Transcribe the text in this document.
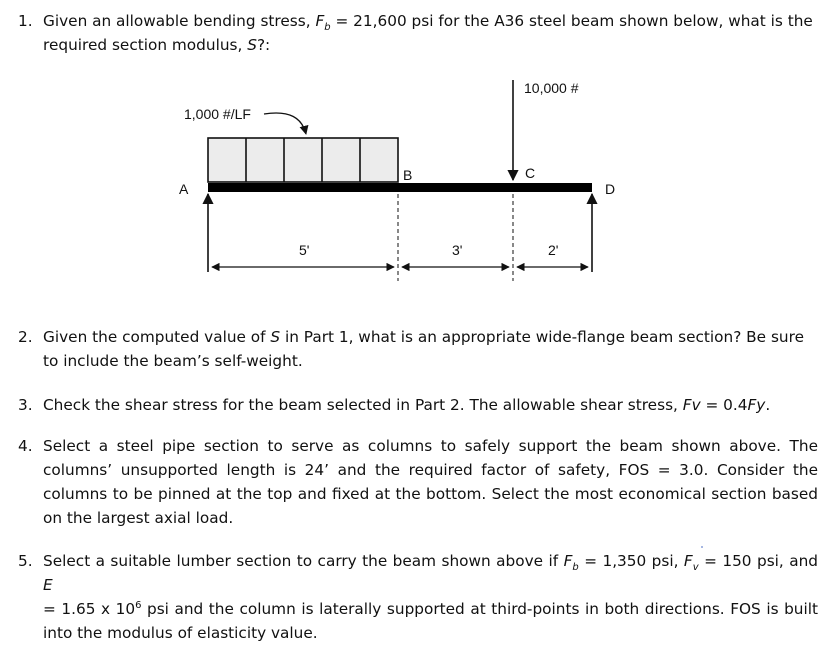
1. Given an allowable bending stress, $F_b = 21,600$ psi for the A36 steel beam shown below, what is the
required section modulus, S?:
1,000 #/LF
10,000 #
A
B	C
D
5'	3'	2'
2. Given the computed value of S in Part 1, what is an appropriate wide-flange beam section? Be sure
to include the beam’s self-weight.
3. Check the shear stress for the beam selected in Part 2. The allowable shear stress, Fv = 0.4Fy.
4. Select a steel pipe section to serve as columns to safely support the beam shown above. The
columns’ unsupported length is 24’ and the required factor of safety, FOS = 3.0. Consider the
columns to be pinned at the top and fixed at the bottom. Select the most economical section based
on the largest axial load.
5. Select a suitable lumber section to carry the beam shown above if $F_b = 1,350$ psi, $F_v = 150$ psi, and E
= 1.65 x $10^6$ psi and the column is laterally supported at third-points in both directions. FOS is built
into the modulus of elasticity value.
